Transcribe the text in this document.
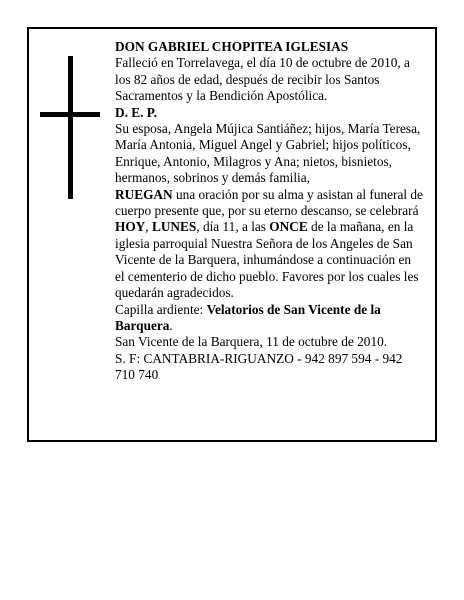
DON GABRIEL CHOPITEA IGLESIAS

Falleció en Torrelavega, el día 10 de octubre de 2010, a los 82 años de edad, después de recibir los Santos Sacramentos y la Bendición Apostólica.

D. E. P.

Su esposa, Angela Mújica Santiáñez; hijos, María Teresa, María Antonia, Miguel Angel y Gabriel; hijos políticos, Enrique, Antonio, Milagros y Ana; nietos, bisnietos, hermanos, sobrinos y demás familia,

RUEGAN una oración por su alma y asistan al funeral de cuerpo presente que, por su eterno descanso, se celebrará HOY, LUNES, día 11, a las ONCE de la mañana, en la iglesia parroquial Nuestra Señora de los Angeles de San Vicente de la Barquera, inhumándose a continuación en el cementerio de dicho pueblo. Favores por los cuales les quedarán agradecidos.

Capilla ardiente: Velatorios de San Vicente de la Barquera.

San Vicente de la Barquera, 11 de octubre de 2010.

S. F: CANTABRIA-RIGUANZO - 942 897 594 - 942 710 740
